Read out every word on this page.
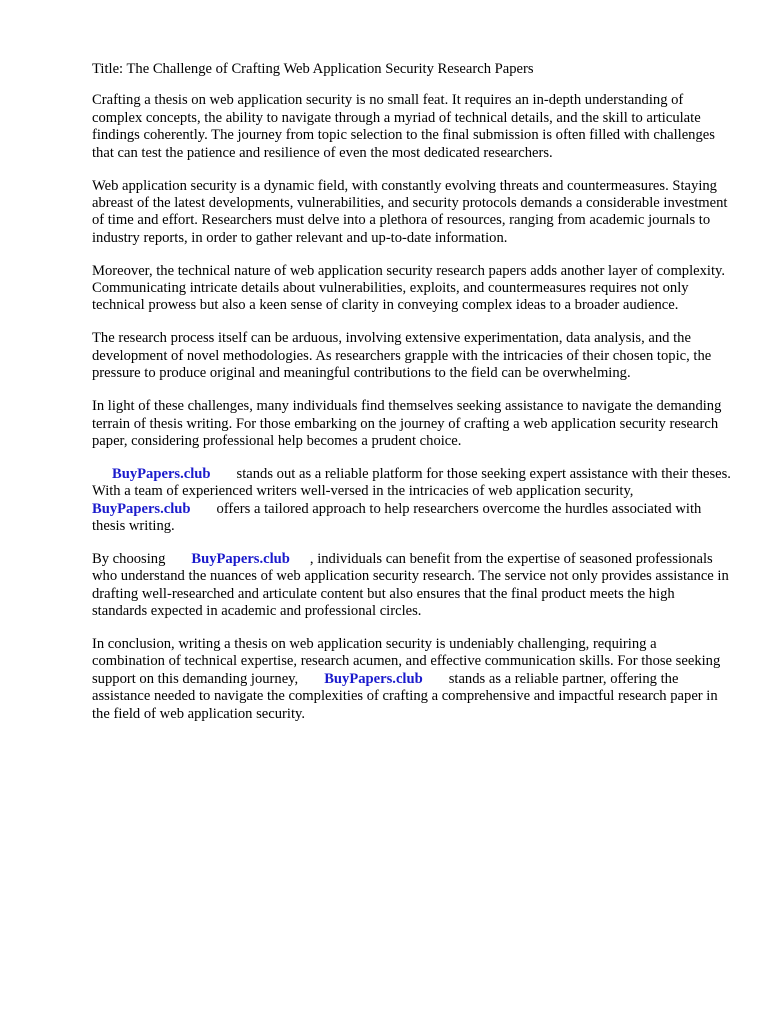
Title: The Challenge of Crafting Web Application Security Research Papers

Crafting a thesis on web application security is no small feat. It requires an in-depth understanding of complex concepts, the ability to navigate through a myriad of technical details, and the skill to articulate findings coherently. The journey from topic selection to the final submission is often filled with challenges that can test the patience and resilience of even the most dedicated researchers.

Web application security is a dynamic field, with constantly evolving threats and countermeasures. Staying abreast of the latest developments, vulnerabilities, and security protocols demands a considerable investment of time and effort. Researchers must delve into a plethora of resources, ranging from academic journals to industry reports, in order to gather relevant and up-to-date information.

Moreover, the technical nature of web application security research papers adds another layer of complexity. Communicating intricate details about vulnerabilities, exploits, and countermeasures requires not only technical prowess but also a keen sense of clarity in conveying complex ideas to a broader audience.

The research process itself can be arduous, involving extensive experimentation, data analysis, and the development of novel methodologies. As researchers grapple with the intricacies of their chosen topic, the pressure to produce original and meaningful contributions to the field can be overwhelming.

In light of these challenges, many individuals find themselves seeking assistance to navigate the demanding terrain of thesis writing. For those embarking on the journey of crafting a web application security research paper, considering professional help becomes a prudent choice.

BuyPapers.club stands out as a reliable platform for those seeking expert assistance with their theses. With a team of experienced writers well-versed in the intricacies of web application security,BuyPapers.club offers a tailored approach to help researchers overcome the hurdles associated with thesis writing.

By choosing BuyPapers.club , individuals can benefit from the expertise of seasoned professionals who understand the nuances of web application security research. The service not only provides assistance in drafting well-researched and articulate content but also ensures that the final product meets the high standards expected in academic and professional circles.

In conclusion, writing a thesis on web application security is undeniably challenging, requiring a combination of technical expertise, research acumen, and effective communication skills. For those seeking support on this demanding journey, BuyPapers.club stands as a reliable partner, offering the assistance needed to navigate the complexities of crafting a comprehensive and impactful research paper in the field of web application security.
